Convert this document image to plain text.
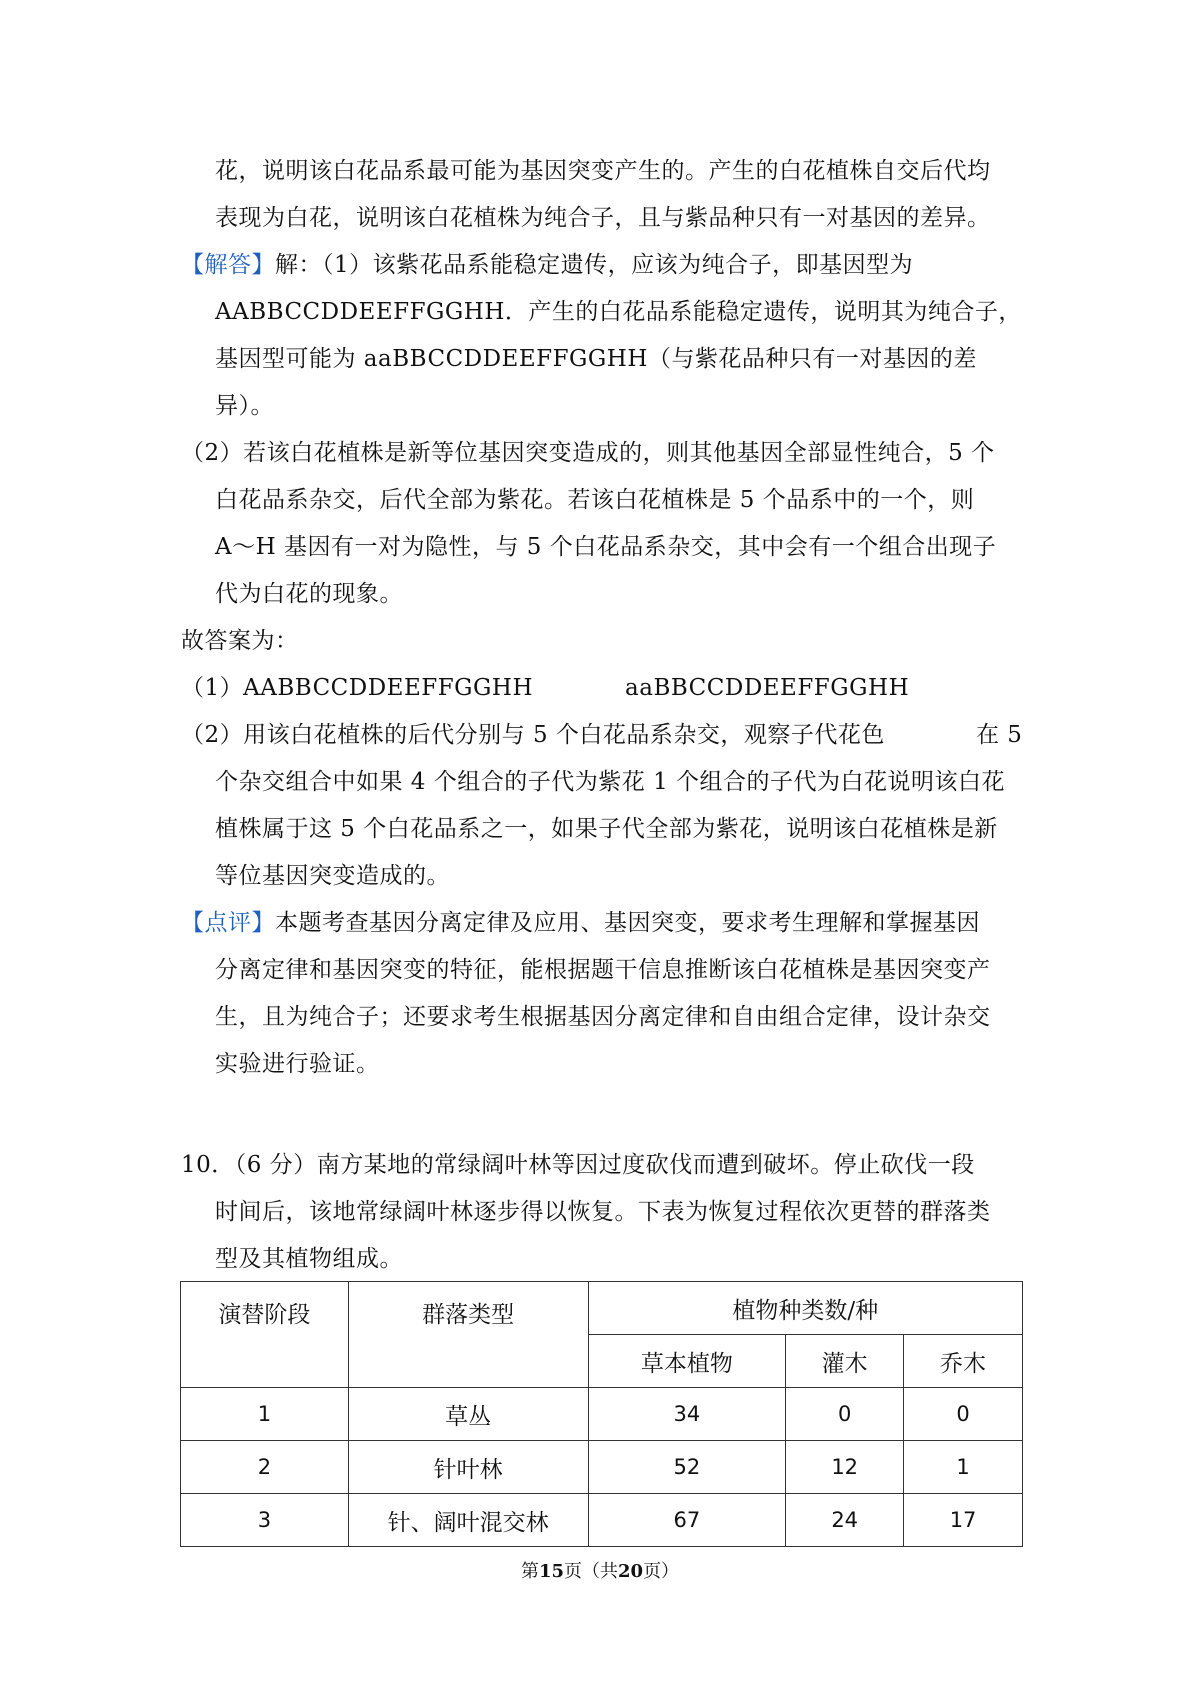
花，说明该白花品系最可能为基因突变产生的。产生的白花植株自交后代均
表现为白花，说明该白花植株为纯合子，且与紫品种只有一对基因的差异。
【解答】解：（1）该紫花品系能稳定遗传，应该为纯合子，即基因型为
AABBCCDDEEFFGGHH．产生的白花品系能稳定遗传，说明其为纯合子，
基因型可能为 aaBBCCDDEEFFGGHH（与紫花品种只有一对基因的差
异）。
（2）若该白花植株是新等位基因突变造成的，则其他基因全部显性纯合，5 个
白花品系杂交，后代全部为紫花。若该白花植株是 5 个品系中的一个，则
A～H 基因有一对为隐性，与 5 个白花品系杂交，其中会有一个组合出现子
代为白花的现象。
故答案为：
（1）AABBCCDDEEFFGGHH	aaBBCCDDEEFFGGHH
（2）用该白花植株的后代分别与 5 个白花品系杂交，观察子代花色	在 5
个杂交组合中如果 4 个组合的子代为紫花 1 个组合的子代为白花说明该白花
植株属于这 5 个白花品系之一，如果子代全部为紫花，说明该白花植株是新
等位基因突变造成的。
【点评】本题考查基因分离定律及应用、基因突变，要求考生理解和掌握基因
分离定律和基因突变的特征，能根据题干信息推断该白花植株是基因突变产
生，且为纯合子；还要求考生根据基因分离定律和自由组合定律，设计杂交
实验进行验证。
10．（6 分）南方某地的常绿阔叶林等因过度砍伐而遭到破坏。停止砍伐一段
时间后，该地常绿阔叶林逐步得以恢复。下表为恢复过程依次更替的群落类
型及其植物组成。
演替阶段	群落类型	植物种类数/种		
		草本植物	灌木	乔木
1	草丛	34	0	0
2	针叶林	52	12	1
3	针、阔叶混交林	67	24	17
第15页（共20页）
